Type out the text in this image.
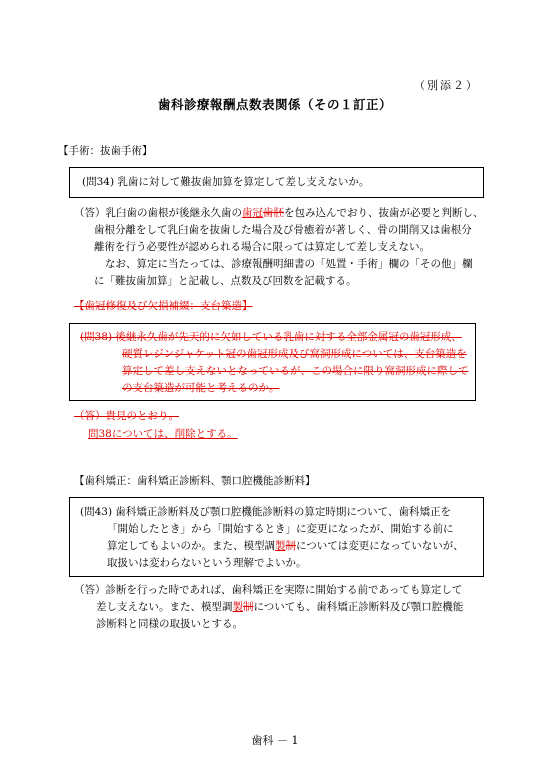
（別添２）
歯科診療報酬点数表関係（その１訂正）
【手術：抜歯手術】
(問34) 乳歯に対して難抜歯加算を算定して差し支えないか。
（答）乳臼歯の歯根が後継永久歯の歯冠歯胚を包み込んでおり、抜歯が必要と判断し、
歯根分離をして乳臼歯を抜歯した場合及び骨癒着が著しく、骨の開削又は歯根分
離術を行う必要性が認められる場合に限っては算定して差し支えない。
なお、算定に当たっては、診療報酬明細書の「処置・手術」欄の「その他」欄
に「難抜歯加算」と記載し、点数及び回数を記載する。
【歯冠修復及び欠損補綴：支台築造】
(問38) 後継永久歯が先天的に欠如している乳歯に対する全部金属冠の歯冠形成、
硬質レジンジャケット冠の歯冠形成及び窩洞形成については、支台築造を
算定して差し支えないとなっているが、この場合に限り窩洞形成に際して
の支台築造が可能と考えるのか。
（答）貴見のとおり。
問38については、削除とする。
【歯科矯正：歯科矯正診断料、顎口腔機能診断料】
(問43) 歯科矯正診断料及び顎口腔機能診断料の算定時期について、歯科矯正を
「開始したとき」から「開始するとき」に変更になったが、開始する前に
算定してもよいのか。また、模型調製制については変更になっていないが、
取扱いは変わらないという理解でよいか。
（答）診断を行った時であれば、歯科矯正を実際に開始する前であっても算定して
差し支えない。また、模型調製制についても、歯科矯正診断料及び顎口腔機能
診断料と同様の取扱いとする。
歯科 － 1
